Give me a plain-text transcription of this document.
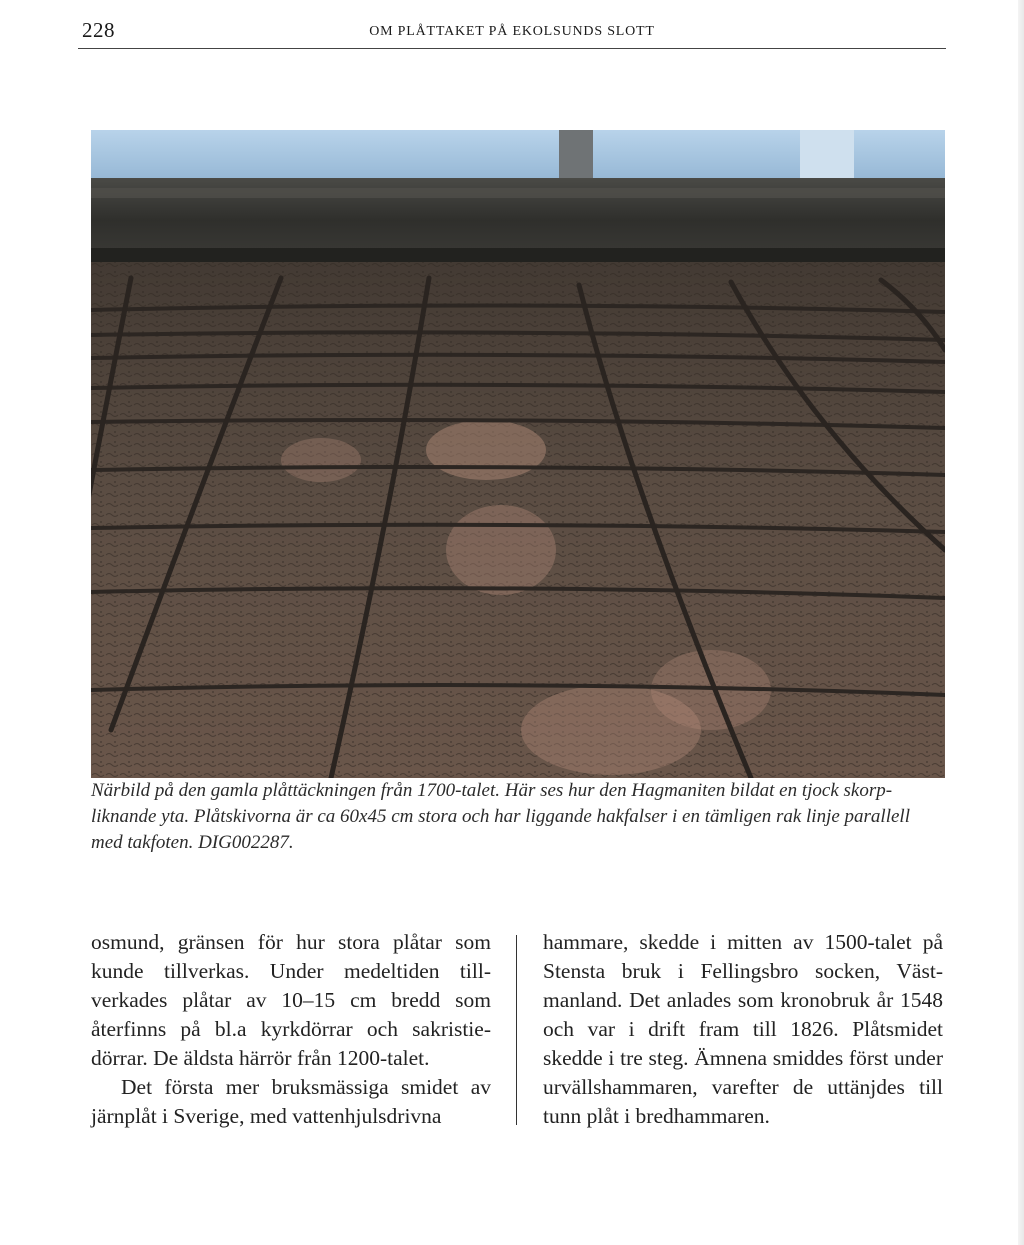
228	OM PLÅTTAKET PÅ EKOLSUNDS SLOTT

Närbild på den gamla plåttäckningen från 1700-talet. Här ses hur den Hagmaniten bildat en tjock skorpliknande yta. Plåtskivorna är ca 60x45 cm stora och har liggande hakfalser i en tämligen rak linje parallell med takfoten. DIG002287.

osmund, gränsen för hur stora plåtar som kunde tillverkas. Under medeltiden tillverkades plåtar av 10–15 cm bredd som återfinns på bl.a kyrkdörrar och sakristiedörrar. De äldsta härrör från 1200-talet.

Det första mer bruksmässiga smidet av järnplåt i Sverige, med vattenhjulsdrivna

hammare, skedde i mitten av 1500-talet på Stensta bruk i Fellingsbro socken, Västmanland. Det anlades som kronobruk år 1548 och var i drift fram till 1826. Plåtsmidet skedde i tre steg. Ämnena smiddes först under urvällshammaren, varefter de uttänjdes till tunn plåt i bredhammaren.
